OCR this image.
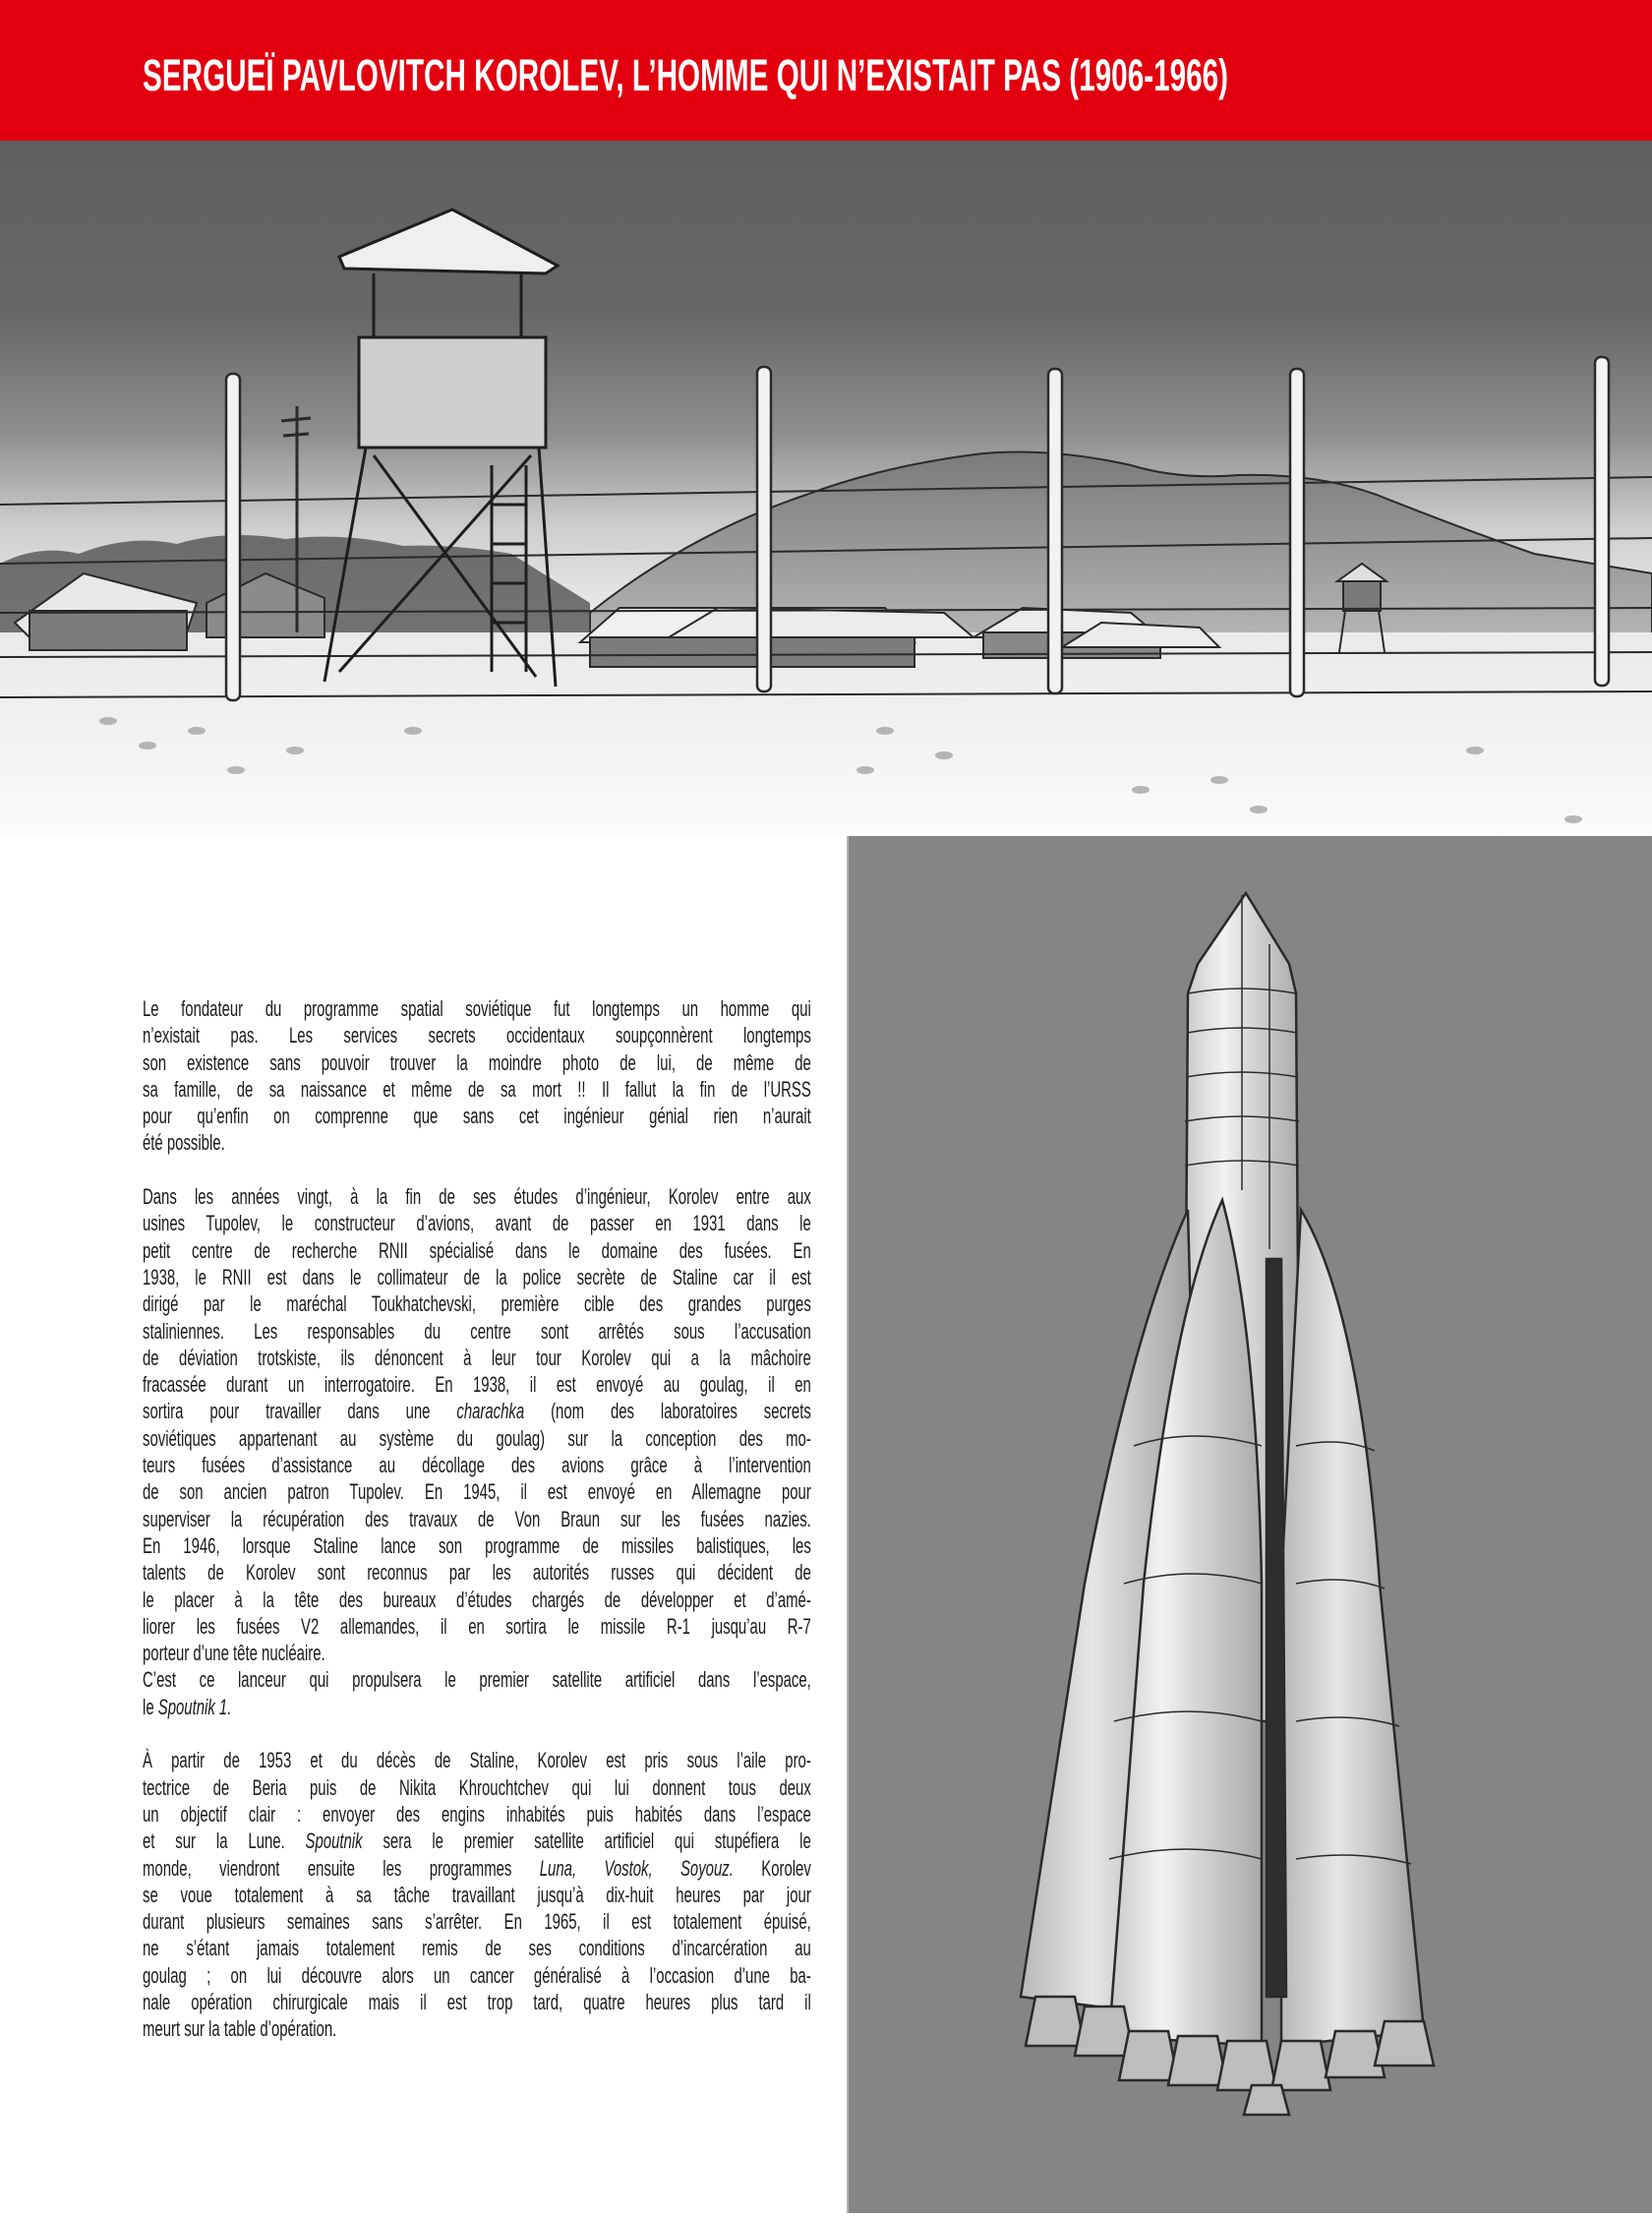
SERGUEÏ PAVLOVITCH KOROLEV, L’HOMME QUI N’EXISTAIT PAS (1906-1966)
Le fondateur du programme spatial soviétique fut longtemps un homme qui
n’existait pas. Les services secrets occidentaux soupçonnèrent longtemps
son existence sans pouvoir trouver la moindre photo de lui, de même de
sa famille, de sa naissance et même de sa mort !! Il fallut la fin de l’URSS
pour qu’enfin on comprenne que sans cet ingénieur génial rien n’aurait
été possible.
Dans les années vingt, à la fin de ses études d’ingénieur, Korolev entre aux
usines Tupolev, le constructeur d’avions, avant de passer en 1931 dans le
petit centre de recherche RNII spécialisé dans le domaine des fusées. En
1938, le RNII est dans le collimateur de la police secrète de Staline car il est
dirigé par le maréchal Toukhatchevski, première cible des grandes purges
staliniennes. Les responsables du centre sont arrêtés sous l’accusation
de déviation trotskiste, ils dénoncent à leur tour Korolev qui a la mâchoire
fracassée durant un interrogatoire. En 1938, il est envoyé au goulag, il en
sortira pour travailler dans une charachka (nom des laboratoires secrets
soviétiques appartenant au système du goulag) sur la conception des mo-
teurs fusées d’assistance au décollage des avions grâce à l’intervention
de son ancien patron Tupolev. En 1945, il est envoyé en Allemagne pour
superviser la récupération des travaux de Von Braun sur les fusées nazies.
En 1946, lorsque Staline lance son programme de missiles balistiques, les
talents de Korolev sont reconnus par les autorités russes qui décident de
le placer à la tête des bureaux d’études chargés de développer et d’amé-
liorer les fusées V2 allemandes, il en sortira le missile R-1 jusqu’au R-7
porteur d’une tête nucléaire.
C’est ce lanceur qui propulsera le premier satellite artificiel dans l’espace,
le Spoutnik 1.
À partir de 1953 et du décès de Staline, Korolev est pris sous l’aile pro-
tectrice de Beria puis de Nikita Khrouchtchev qui lui donnent tous deux
un objectif clair : envoyer des engins inhabités puis habités dans l’espace
et sur la Lune. Spoutnik sera le premier satellite artificiel qui stupéfiera le
monde, viendront ensuite les programmes Luna, Vostok, Soyouz. Korolev
se voue totalement à sa tâche travaillant jusqu’à dix-huit heures par jour
durant plusieurs semaines sans s’arrêter. En 1965, il est totalement épuisé,
ne s’étant jamais totalement remis de ses conditions d’incarcération au
goulag ; on lui découvre alors un cancer généralisé à l’occasion d’une ba-
nale opération chirurgicale mais il est trop tard, quatre heures plus tard il
meurt sur la table d’opération.
